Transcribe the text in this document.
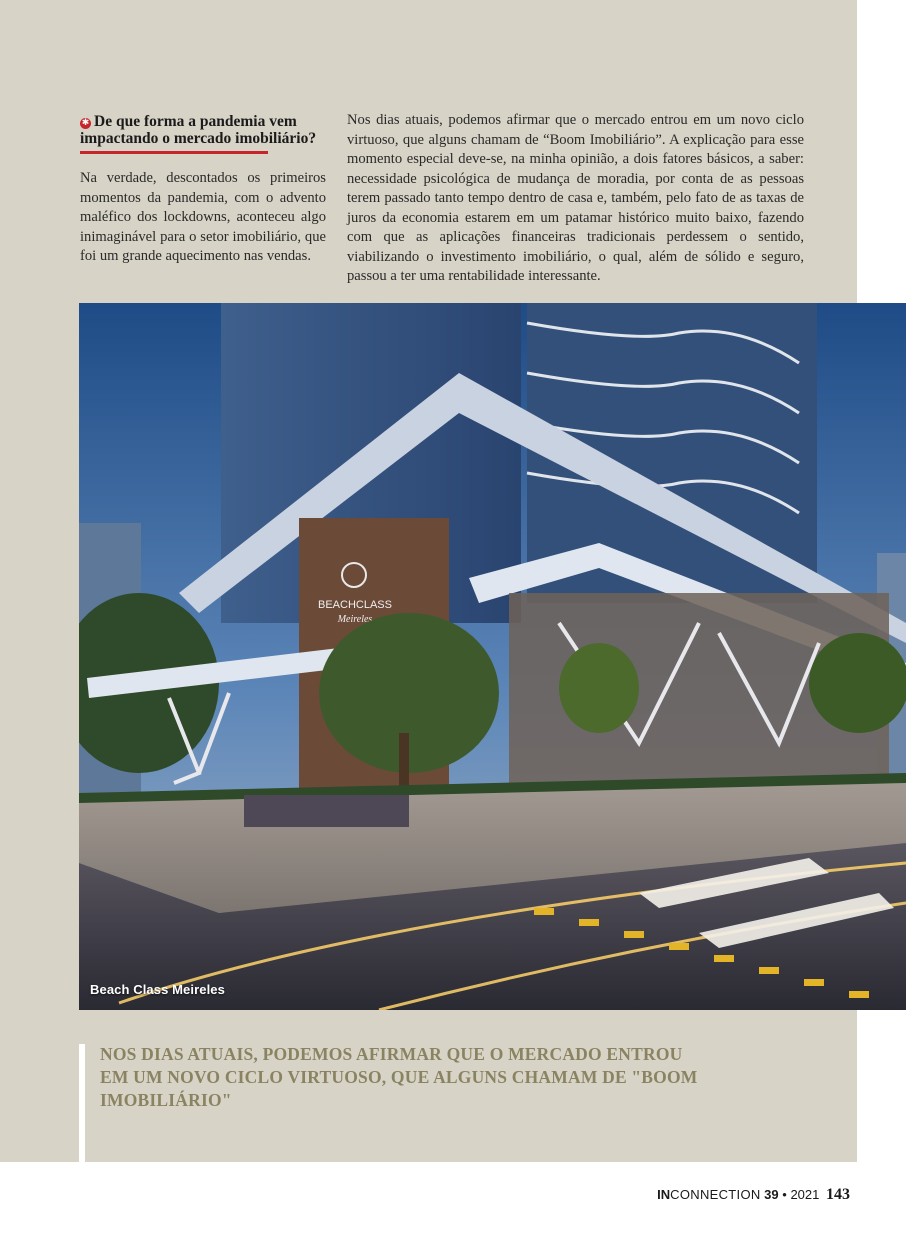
✱ De que forma a pandemia vem impactando o mercado imobiliário?

Na verdade, descontados os primeiros momentos da pandemia, com o advento maléfico dos lockdowns, aconteceu algo inimaginável para o setor imobiliário, que foi um grande aquecimento nas vendas.

Nos dias atuais, podemos afirmar que o mercado entrou em um novo ciclo virtuoso, que alguns chamam de “Boom Imobiliário”. A explicação para esse momento especial deve-se, na minha opinião, a dois fatores básicos, a saber: necessidade psicológica de mudança de moradia, por conta de as pessoas terem passado tanto tempo dentro de casa e, também, pelo fato de as taxas de juros da economia estarem em um patamar histórico muito baixo, fazendo com que as aplicações financeiras tradicionais perdessem o sentido, viabilizando o investimento imobiliário, o qual, além de sólido e seguro, passou a ter uma rentabilidade interessante.

BEACHCLASS
Meireles
Beach Class Meireles

NOS DIAS ATUAIS, PODEMOS AFIRMAR QUE O MERCADO ENTROU EM UM NOVO CICLO VIRTUOSO, QUE ALGUNS CHAMAM DE "BOOM IMOBILIÁRIO"

INCONNECTION 39 • 2021 143
